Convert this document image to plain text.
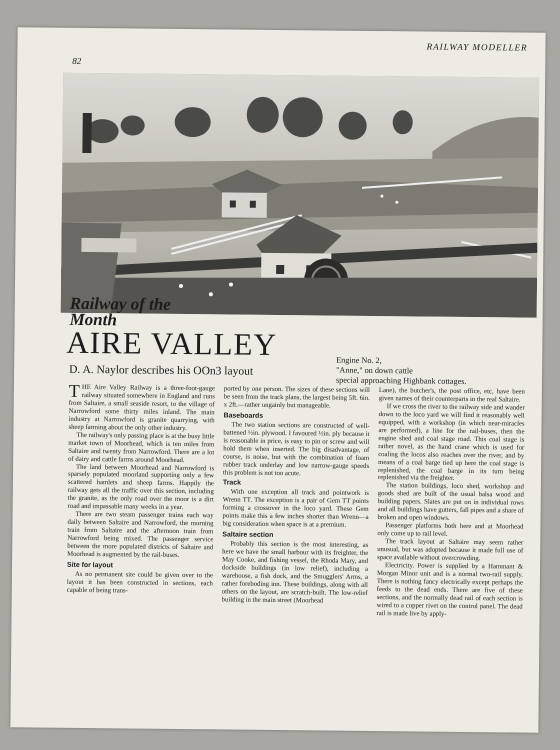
82
RAILWAY MODELLER
Railway of the Month
AIRE VALLEY
D. A. Naylor describes his OOn3 layout
Engine No. 2,
"Anne," on down cattle
special approaching Highbank cottages.

THE Aire Valley Railway is a three-foot-gauge railway situated somewhere in England and runs from Saltaire, a small seaside resort, to the village of Narrowford some thirty miles inland. The main industry at Narrowford is granite quarrying, with sheep farming about the only other industry.

The railway's only passing place is at the busy little market town of Moorhead, which is ten miles from Saltaire and twenty from Narrowford. There are a lot of dairy and cattle farms around Moorhead.

The land between Moorhead and Narrowford is sparsely populated moorland supporting only a few scattered hamlets and sheep farms. Happily the railway gets all the traffic over this section, including the granite, as the only road over the moor is a dirt road and impassable many weeks in a year.

There are two steam passenger trains each way daily between Saltaire and Narrowford, the morning train from Saltaire and the afternoon train from Narrowford being mixed. The passenger service between the more populated districts of Saltaire and Moorhead is augmented by the rail-buses.

Site for layout

As no permanent site could be given over to the layout it has been constructed in sections, each capable of being trans-

ported by one person. The sizes of these sections will be seen from the track plans, the largest being 5ft. 6in. x 2ft.—rather ungainly but manageable.

Baseboards

The two station sections are constructed of well-battened ½in. plywood. I favoured ½in. ply because it is reasonable in price, is easy to pin or screw and will hold them when inserted. The big disadvantage, of course, is noise, but with the combination of foam rubber track underlay and low narrow-gauge speeds this problem is not too acute.

Track

With one exception all track and pointwork is Wrenn TT. The exception is a pair of Gem TT points forming a crossover in the loco yard. These Gem points make this a few inches shorter than Wrenn—a big consideration when space is at a premium.

Saltaire section

Probably this section is the most interesting, as here we have the small harbour with its freighter, the May Cooke, and fishing vessel, the Rhoda Mary, and dockside buildings (in low relief), including a warehouse, a fish dock, and the Smugglers' Arms, a rather foreboding inn. These buildings, along with all others on the layout, are scratch-built. The low-relief building in the main street (Moorhead

Lane), the butcher's, the post office, etc, have been given names of their counterparts in the real Saltaire.

If we cross the river to the railway side and wander down to the loco yard we will find it reasonably well equipped, with a workshop (in which near-miracles are performed), a line for the rail-buses, then the engine shed and coal stage road. This coal stage is rather novel, as the hand crane which is used for coaling the locos also reaches over the river, and by means of a coal barge tied up here the coal stage is replenished, the coal barge in its turn being replenished via the freighter.

The station buildings, loco shed, workshop and goods shed are built of the usual balsa wood and building papers. Slates are put on in individual rows and all buildings have gutters, fall pipes and a share of broken and open windows.

Passenger platforms both here and at Moorhead only come up to rail level.

The track layout at Saltaire may seem rather unusual, but was adopted because it made full use of space available without overcrowding.

Electricity. Power is supplied by a Hammant & Morgan Minor unit and is a normal two-rail supply. There is nothing fancy electrically except perhaps the feeds to the dead ends. There are five of these sections, and the normally dead rail of each section is wired to a copper rivet on the control panel. The dead rail is made live by apply-
